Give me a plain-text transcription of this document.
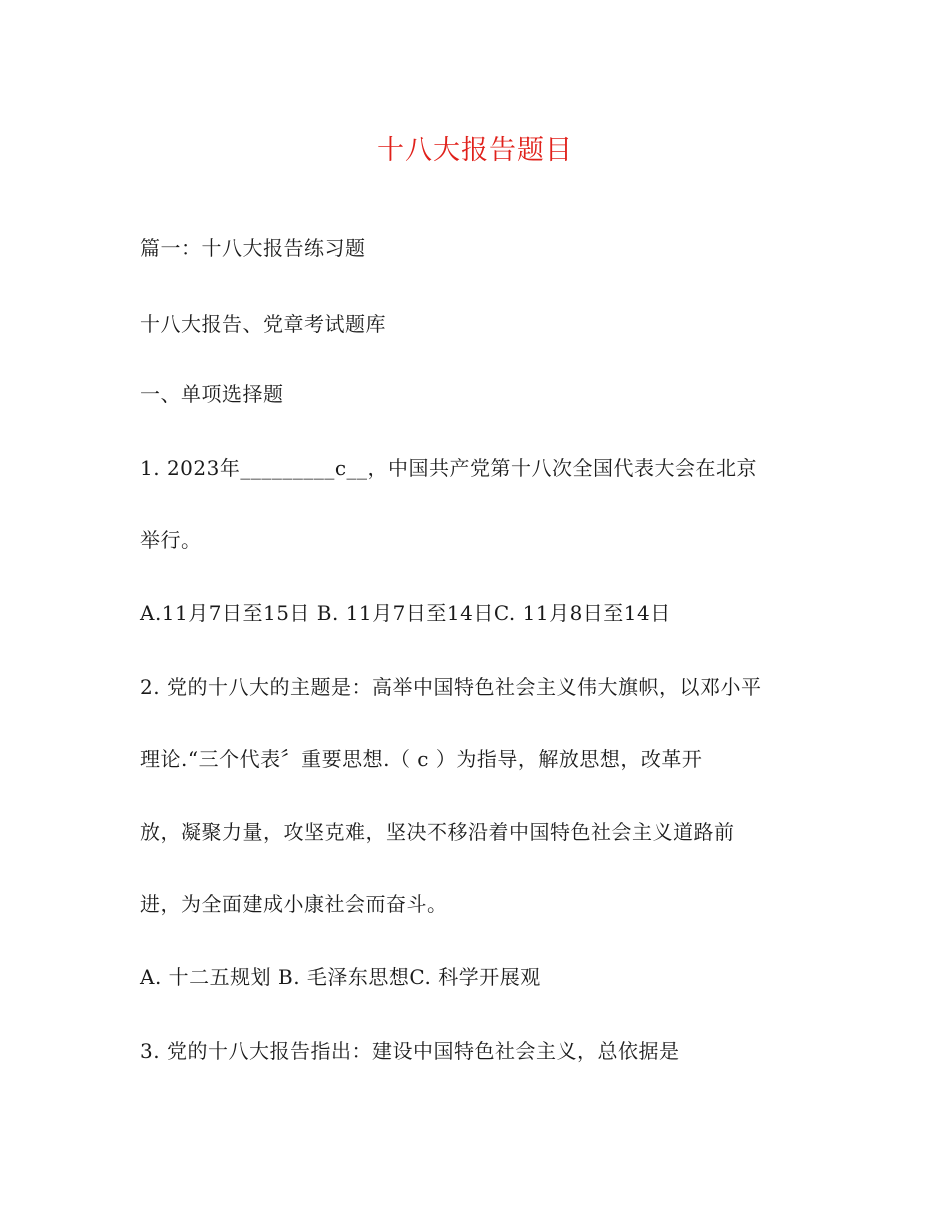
十八大报告题目
篇一：十八大报告练习题
十八大报告、党章考试题库
一、单项选择题
1. 2023年_________c__，中国共产党第十八次全国代表大会在北京
举行。
A.11月7日至15日 B. 11月7日至14日C. 11月8日至14日
2. 党的十八大的主题是：高举中国特色社会主义伟大旗帜，以邓小平
理论.“三个代表〞重要思想.（ c ）为指导，解放思想，改革开
放，凝聚力量，攻坚克难，坚决不移沿着中国特色社会主义道路前
进，为全面建成小康社会而奋斗。
A. 十二五规划 B. 毛泽东思想C. 科学开展观
3. 党的十八大报告指出：建设中国特色社会主义，总依据是
